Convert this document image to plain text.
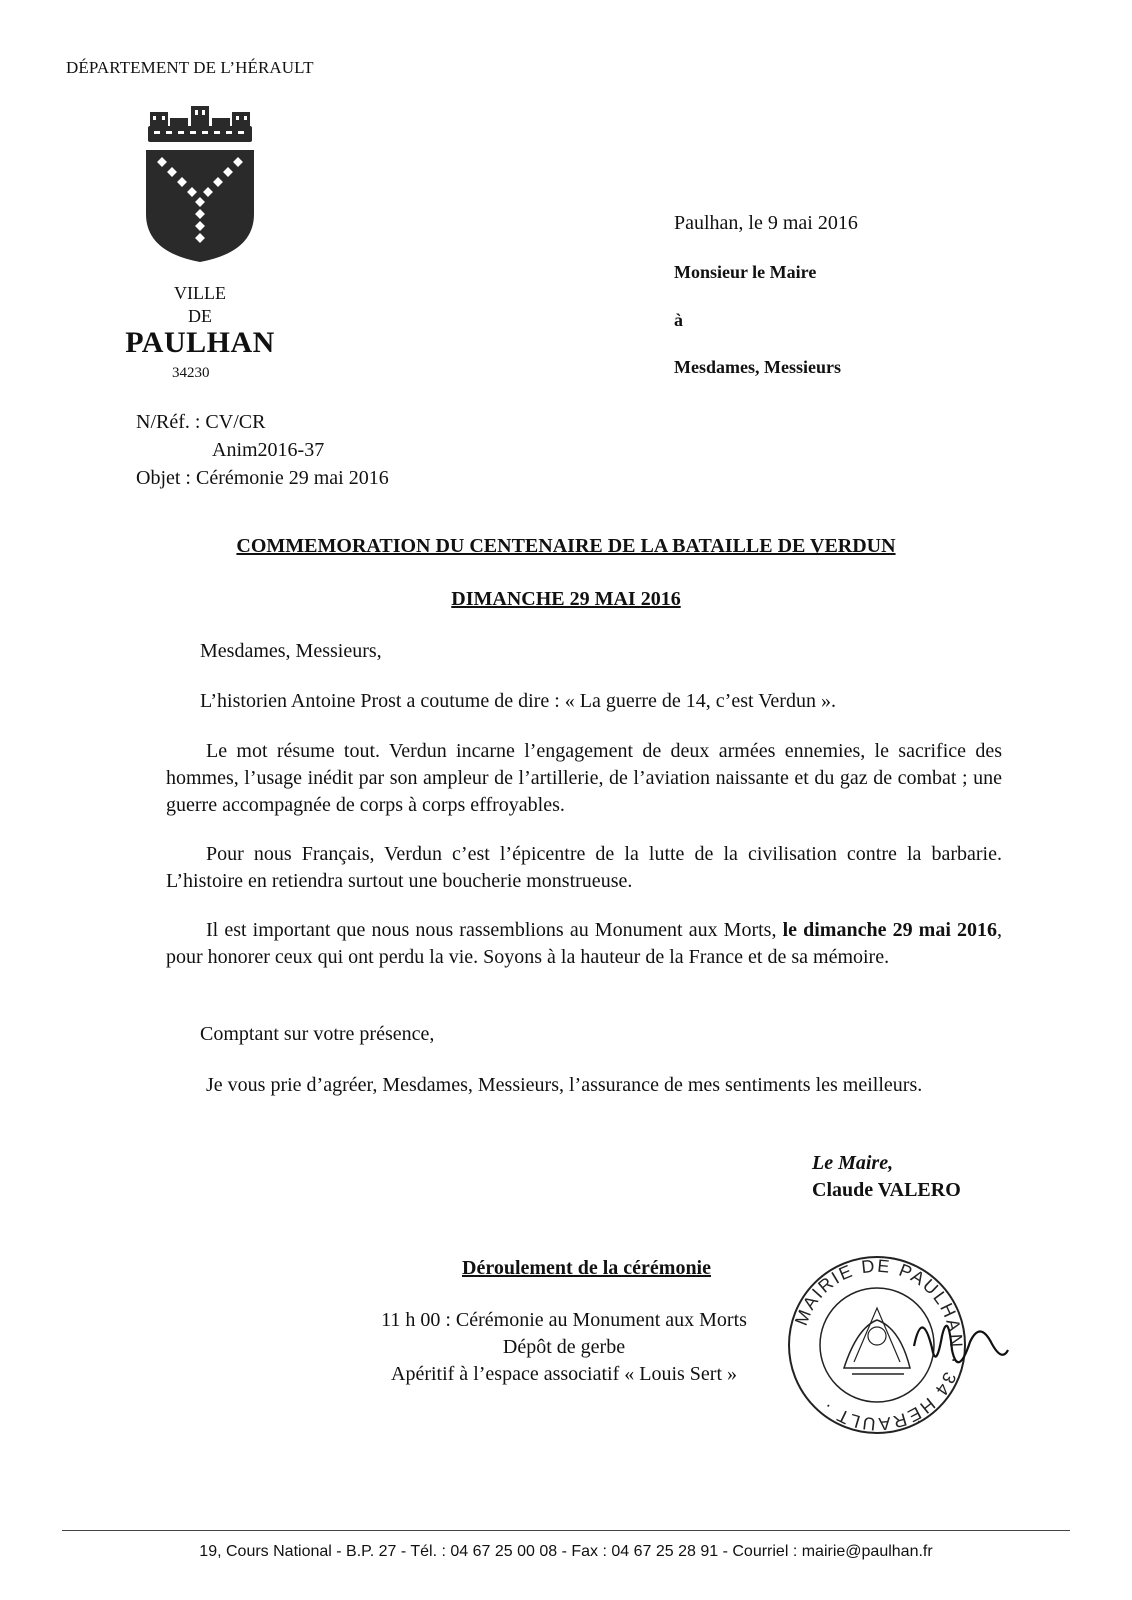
DÉPARTEMENT DE L’HÉRAULT
VILLE
DE
PAULHAN
34230
N/Réf. : CV/CR
Anim2016-37
Objet : Cérémonie 29 mai 2016
Paulhan, le 9 mai 2016
Monsieur le Maire
à
Mesdames, Messieurs
COMMEMORATION DU CENTENAIRE DE LA BATAILLE DE VERDUN
DIMANCHE 29 MAI 2016
Mesdames, Messieurs,
L’historien Antoine Prost a coutume de dire : « La guerre de 14, c’est Verdun ».
Le mot résume tout. Verdun incarne l’engagement de deux armées ennemies, le sacrifice des hommes, l’usage inédit par son ampleur de l’artillerie, de l’aviation naissante et du gaz de combat ; une guerre accompagnée de corps à corps effroyables.
Pour nous Français, Verdun c’est l’épicentre de la lutte de la civilisation contre la barbarie. L’histoire en retiendra surtout une boucherie monstrueuse.
Il est important que nous nous rassemblions au Monument aux Morts, le dimanche 29 mai 2016, pour honorer ceux qui ont perdu la vie. Soyons à la hauteur de la France et de sa mémoire.
Comptant sur votre présence,
Je vous prie d’agréer, Mesdames, Messieurs, l’assurance de mes sentiments les meilleurs.
Le Maire,
Claude VALERO
Déroulement de la cérémonie
11 h 00 : Cérémonie au Monument aux Morts
Dépôt de gerbe
Apéritif à l’espace associatif « Louis Sert »
MAIRIE DE PAULHAN · 34 HÉRAULT ·
19, Cours National - B.P. 27 - Tél. : 04 67 25 00 08 - Fax : 04 67 25 28 91 - Courriel : mairie@paulhan.fr
